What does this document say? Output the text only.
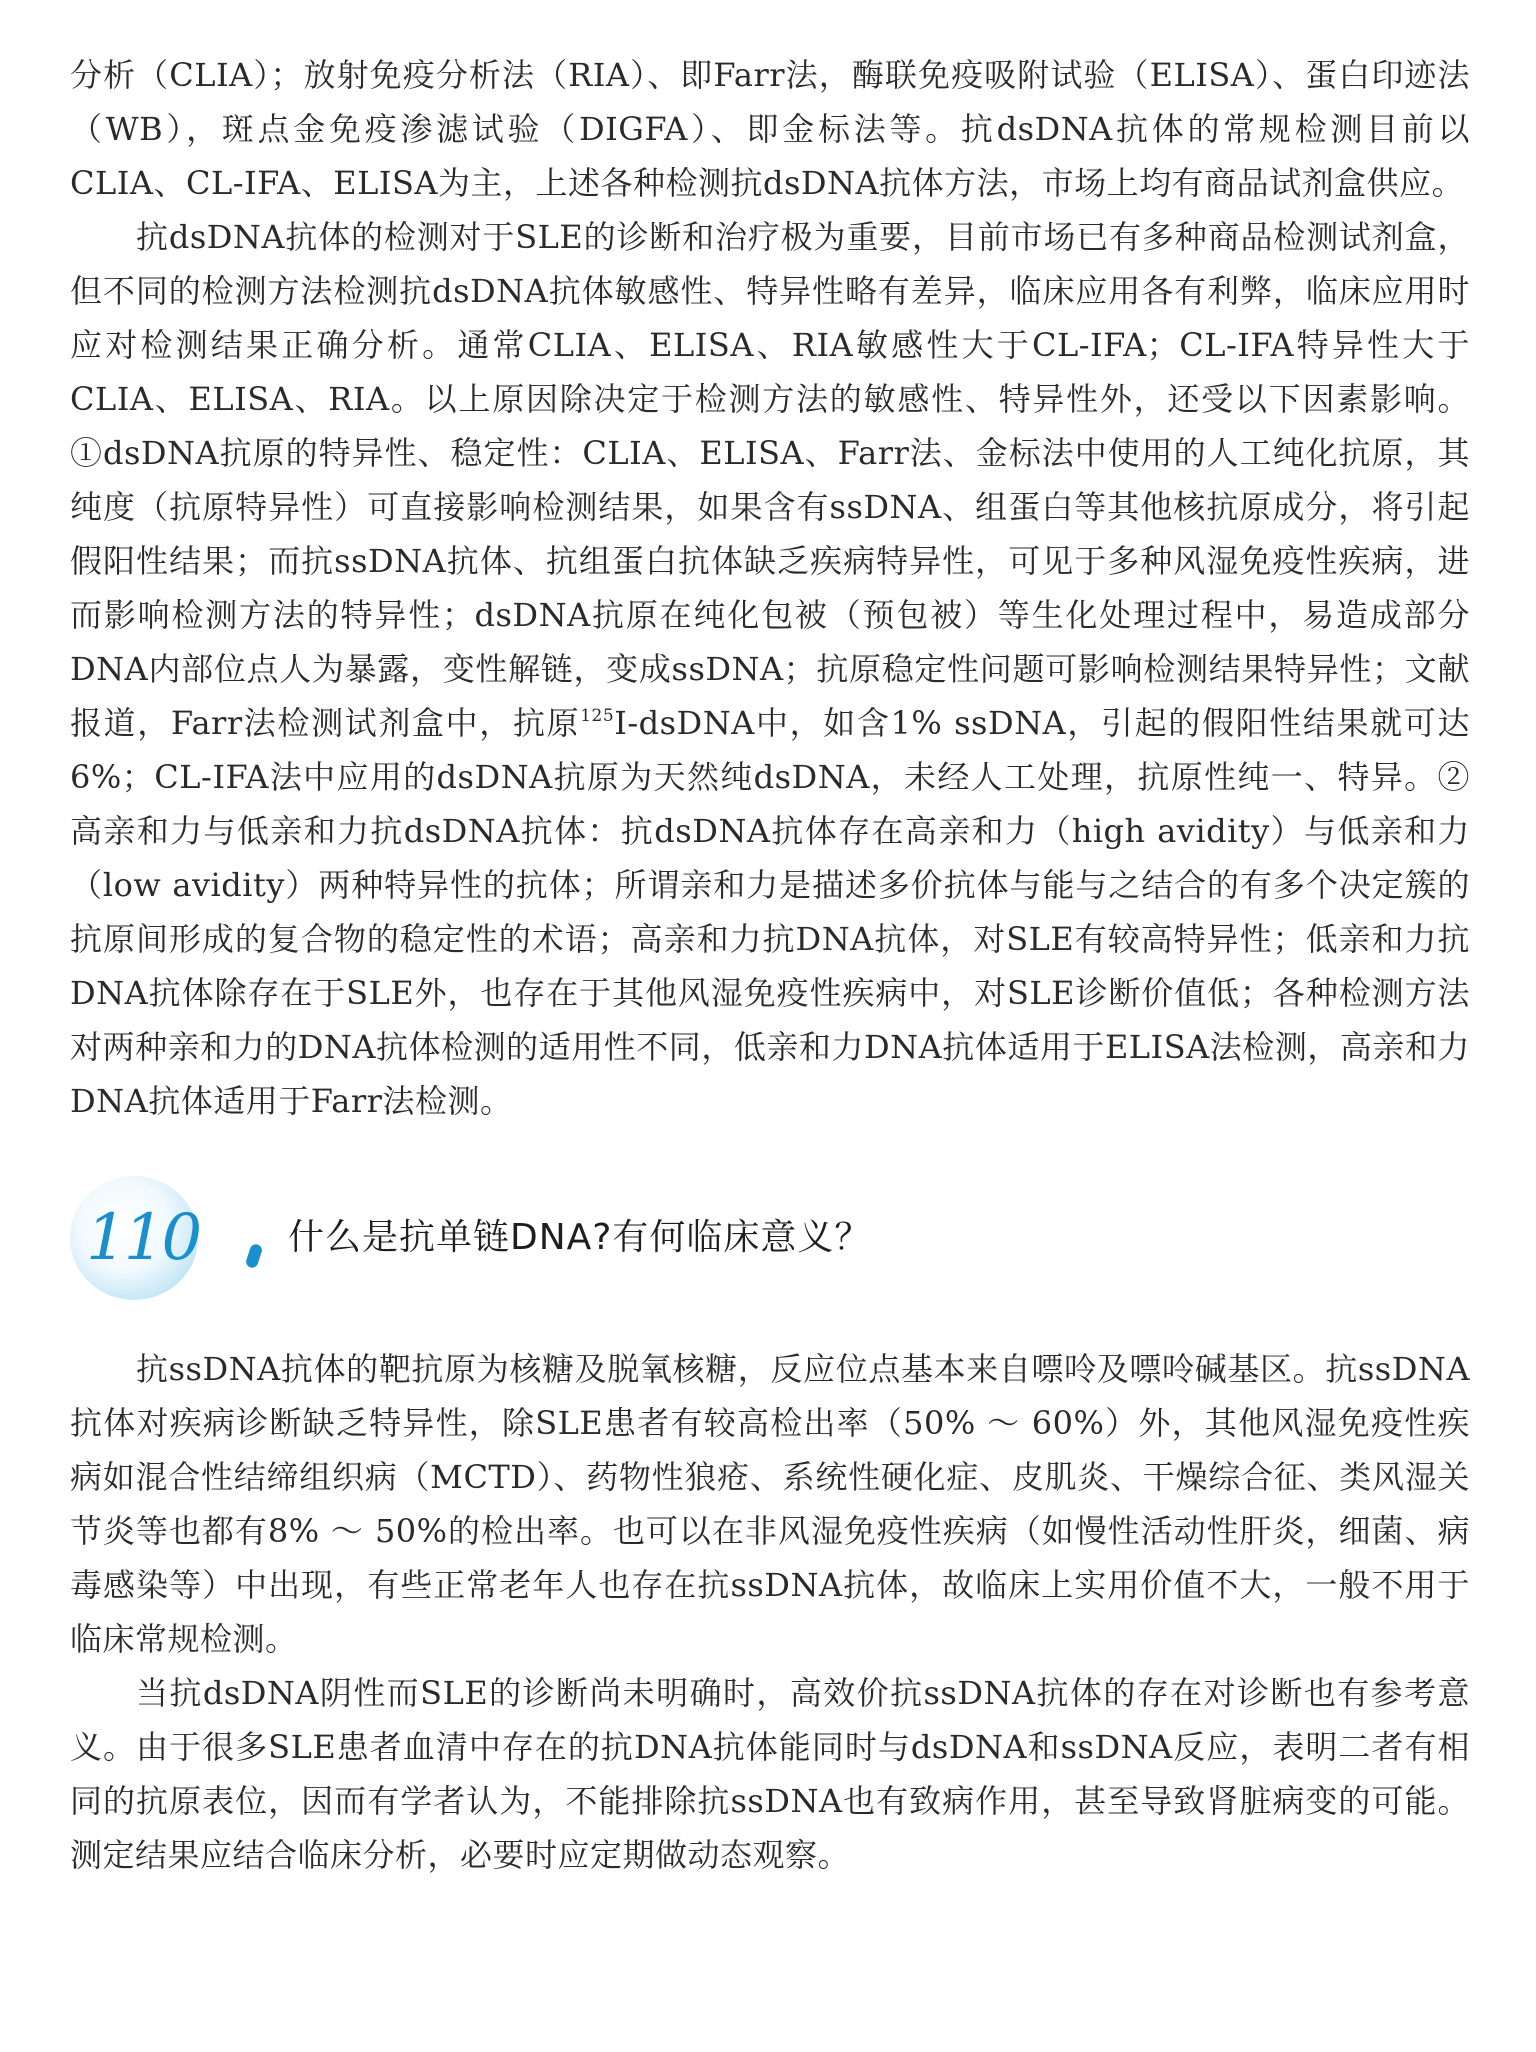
分析（CLIA）；放射免疫分析法（RIA）、即Farr法，酶联免疫吸附试验（ELISA）、蛋白印迹法（WB），斑点金免疫渗滤试验（DIGFA）、即金标法等。抗dsDNA抗体的常规检测目前以CLIA、CL-IFA、ELISA为主，上述各种检测抗dsDNA抗体方法，市场上均有商品试剂盒供应。

抗dsDNA抗体的检测对于SLE的诊断和治疗极为重要，目前市场已有多种商品检测试剂盒，但不同的检测方法检测抗dsDNA抗体敏感性、特异性略有差异，临床应用各有利弊，临床应用时应对检测结果正确分析。通常CLIA、ELISA、RIA敏感性大于CL-IFA；CL-IFA特异性大于CLIA、ELISA、RIA。以上原因除决定于检测方法的敏感性、特异性外，还受以下因素影响。①dsDNA抗原的特异性、稳定性：CLIA、ELISA、Farr法、金标法中使用的人工纯化抗原，其纯度（抗原特异性）可直接影响检测结果，如果含有ssDNA、组蛋白等其他核抗原成分，将引起假阳性结果；而抗ssDNA抗体、抗组蛋白抗体缺乏疾病特异性，可见于多种风湿免疫性疾病，进而影响检测方法的特异性；dsDNA抗原在纯化包被（预包被）等生化处理过程中，易造成部分DNA内部位点人为暴露，变性解链，变成ssDNA；抗原稳定性问题可影响检测结果特异性；文献报道，Farr法检测试剂盒中，抗原$^{125}$I-dsDNA中，如含1% ssDNA，引起的假阳性结果就可达6%；CL-IFA法中应用的dsDNA抗原为天然纯dsDNA，未经人工处理，抗原性纯一、特异。②高亲和力与低亲和力抗dsDNA抗体：抗dsDNA抗体存在高亲和力（high avidity）与低亲和力（low avidity）两种特异性的抗体；所谓亲和力是描述多价抗体与能与之结合的有多个决定簇的抗原间形成的复合物的稳定性的术语；高亲和力抗DNA抗体，对SLE有较高特异性；低亲和力抗DNA抗体除存在于SLE外，也存在于其他风湿免疫性疾病中，对SLE诊断价值低；各种检测方法对两种亲和力的DNA抗体检测的适用性不同，低亲和力DNA抗体适用于ELISA法检测，高亲和力DNA抗体适用于Farr法检测。

110 什么是抗单链DNA?有何临床意义？

抗ssDNA抗体的靶抗原为核糖及脱氧核糖，反应位点基本来自嘌呤及嘌呤碱基区。抗ssDNA抗体对疾病诊断缺乏特异性，除SLE患者有较高检出率（50% ～ 60%）外，其他风湿免疫性疾病如混合性结缔组织病（MCTD）、药物性狼疮、系统性硬化症、皮肌炎、干燥综合征、类风湿关节炎等也都有8% ～ 50%的检出率。也可以在非风湿免疫性疾病（如慢性活动性肝炎，细菌、病毒感染等）中出现，有些正常老年人也存在抗ssDNA抗体，故临床上实用价值不大，一般不用于临床常规检测。

当抗dsDNA阴性而SLE的诊断尚未明确时，高效价抗ssDNA抗体的存在对诊断也有参考意义。由于很多SLE患者血清中存在的抗DNA抗体能同时与dsDNA和ssDNA反应，表明二者有相同的抗原表位，因而有学者认为，不能排除抗ssDNA也有致病作用，甚至导致肾脏病变的可能。测定结果应结合临床分析，必要时应定期做动态观察。
